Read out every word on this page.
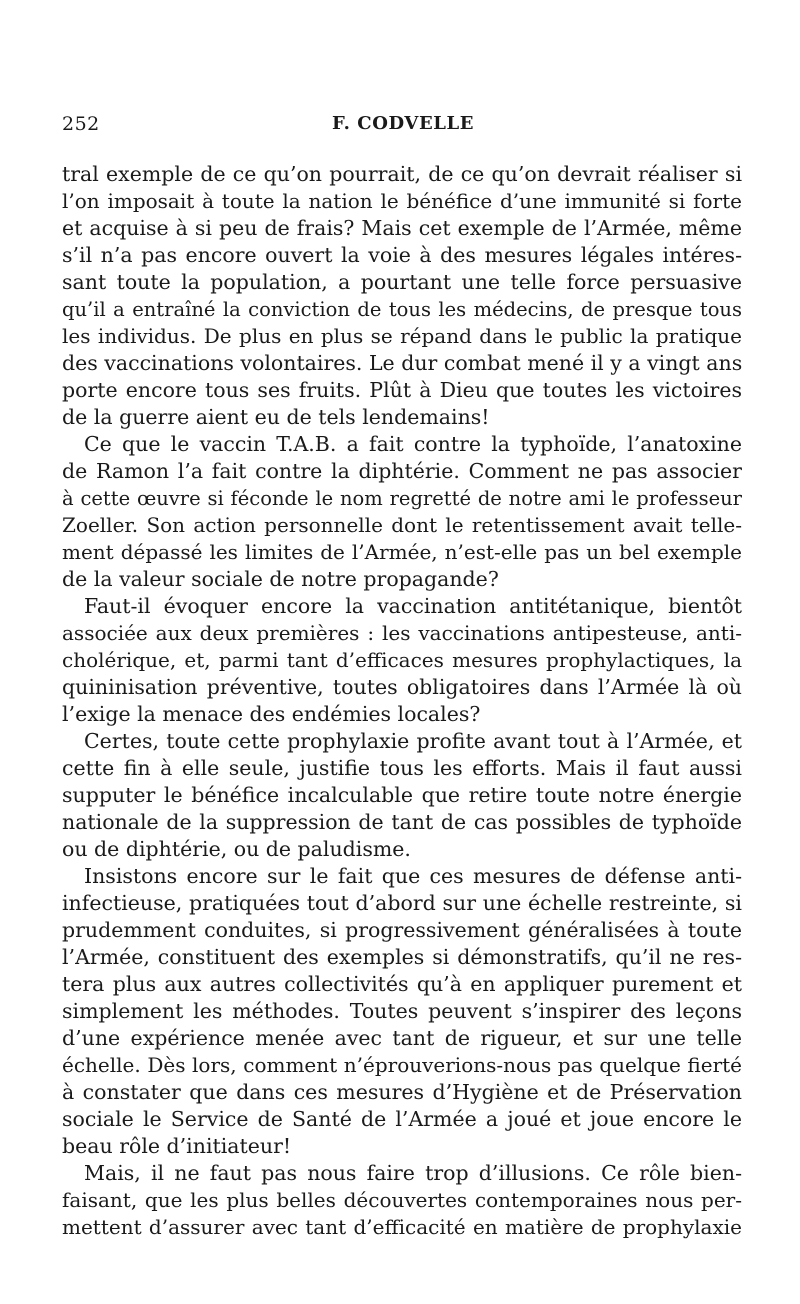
252	F. CODVELLE
tral exemple de ce qu’on pourrait, de ce qu’on devrait réaliser si
l’on imposait à toute la nation le bénéfice d’une immunité si forte
et acquise à si peu de frais? Mais cet exemple de l’Armée, même
s’il n’a pas encore ouvert la voie à des mesures légales intéres-
sant toute la population, a pourtant une telle force persuasive
qu’il a entraîné la conviction de tous les médecins, de presque tous
les individus. De plus en plus se répand dans le public la pratique
des vaccinations volontaires. Le dur combat mené il y a vingt ans
porte encore tous ses fruits. Plût à Dieu que toutes les victoires
de la guerre aient eu de tels lendemains!
Ce que le vaccin T.A.B. a fait contre la typhoïde, l’anatoxine
de Ramon l’a fait contre la diphtérie. Comment ne pas associer
à cette œuvre si féconde le nom regretté de notre ami le professeur
Zoeller. Son action personnelle dont le retentissement avait telle-
ment dépassé les limites de l’Armée, n’est-elle pas un bel exemple
de la valeur sociale de notre propagande?
Faut-il évoquer encore la vaccination antitétanique, bientôt
associée aux deux premières : les vaccinations antipesteuse, anti-
cholérique, et, parmi tant d’efficaces mesures prophylactiques, la
quininisation préventive, toutes obligatoires dans l’Armée là où
l’exige la menace des endémies locales?
Certes, toute cette prophylaxie profite avant tout à l’Armée, et
cette fin à elle seule, justifie tous les efforts. Mais il faut aussi
supputer le bénéfice incalculable que retire toute notre énergie
nationale de la suppression de tant de cas possibles de typhoïde
ou de diphtérie, ou de paludisme.
Insistons encore sur le fait que ces mesures de défense anti-
infectieuse, pratiquées tout d’abord sur une échelle restreinte, si
prudemment conduites, si progressivement généralisées à toute
l’Armée, constituent des exemples si démonstratifs, qu’il ne res-
tera plus aux autres collectivités qu’à en appliquer purement et
simplement les méthodes. Toutes peuvent s’inspirer des leçons
d’une expérience menée avec tant de rigueur, et sur une telle
échelle. Dès lors, comment n’éprouverions-nous pas quelque fierté
à constater que dans ces mesures d’Hygiène et de Préservation
sociale le Service de Santé de l’Armée a joué et joue encore le
beau rôle d’initiateur!
Mais, il ne faut pas nous faire trop d’illusions. Ce rôle bien-
faisant, que les plus belles découvertes contemporaines nous per-
mettent d’assurer avec tant d’efficacité en matière de prophylaxie
